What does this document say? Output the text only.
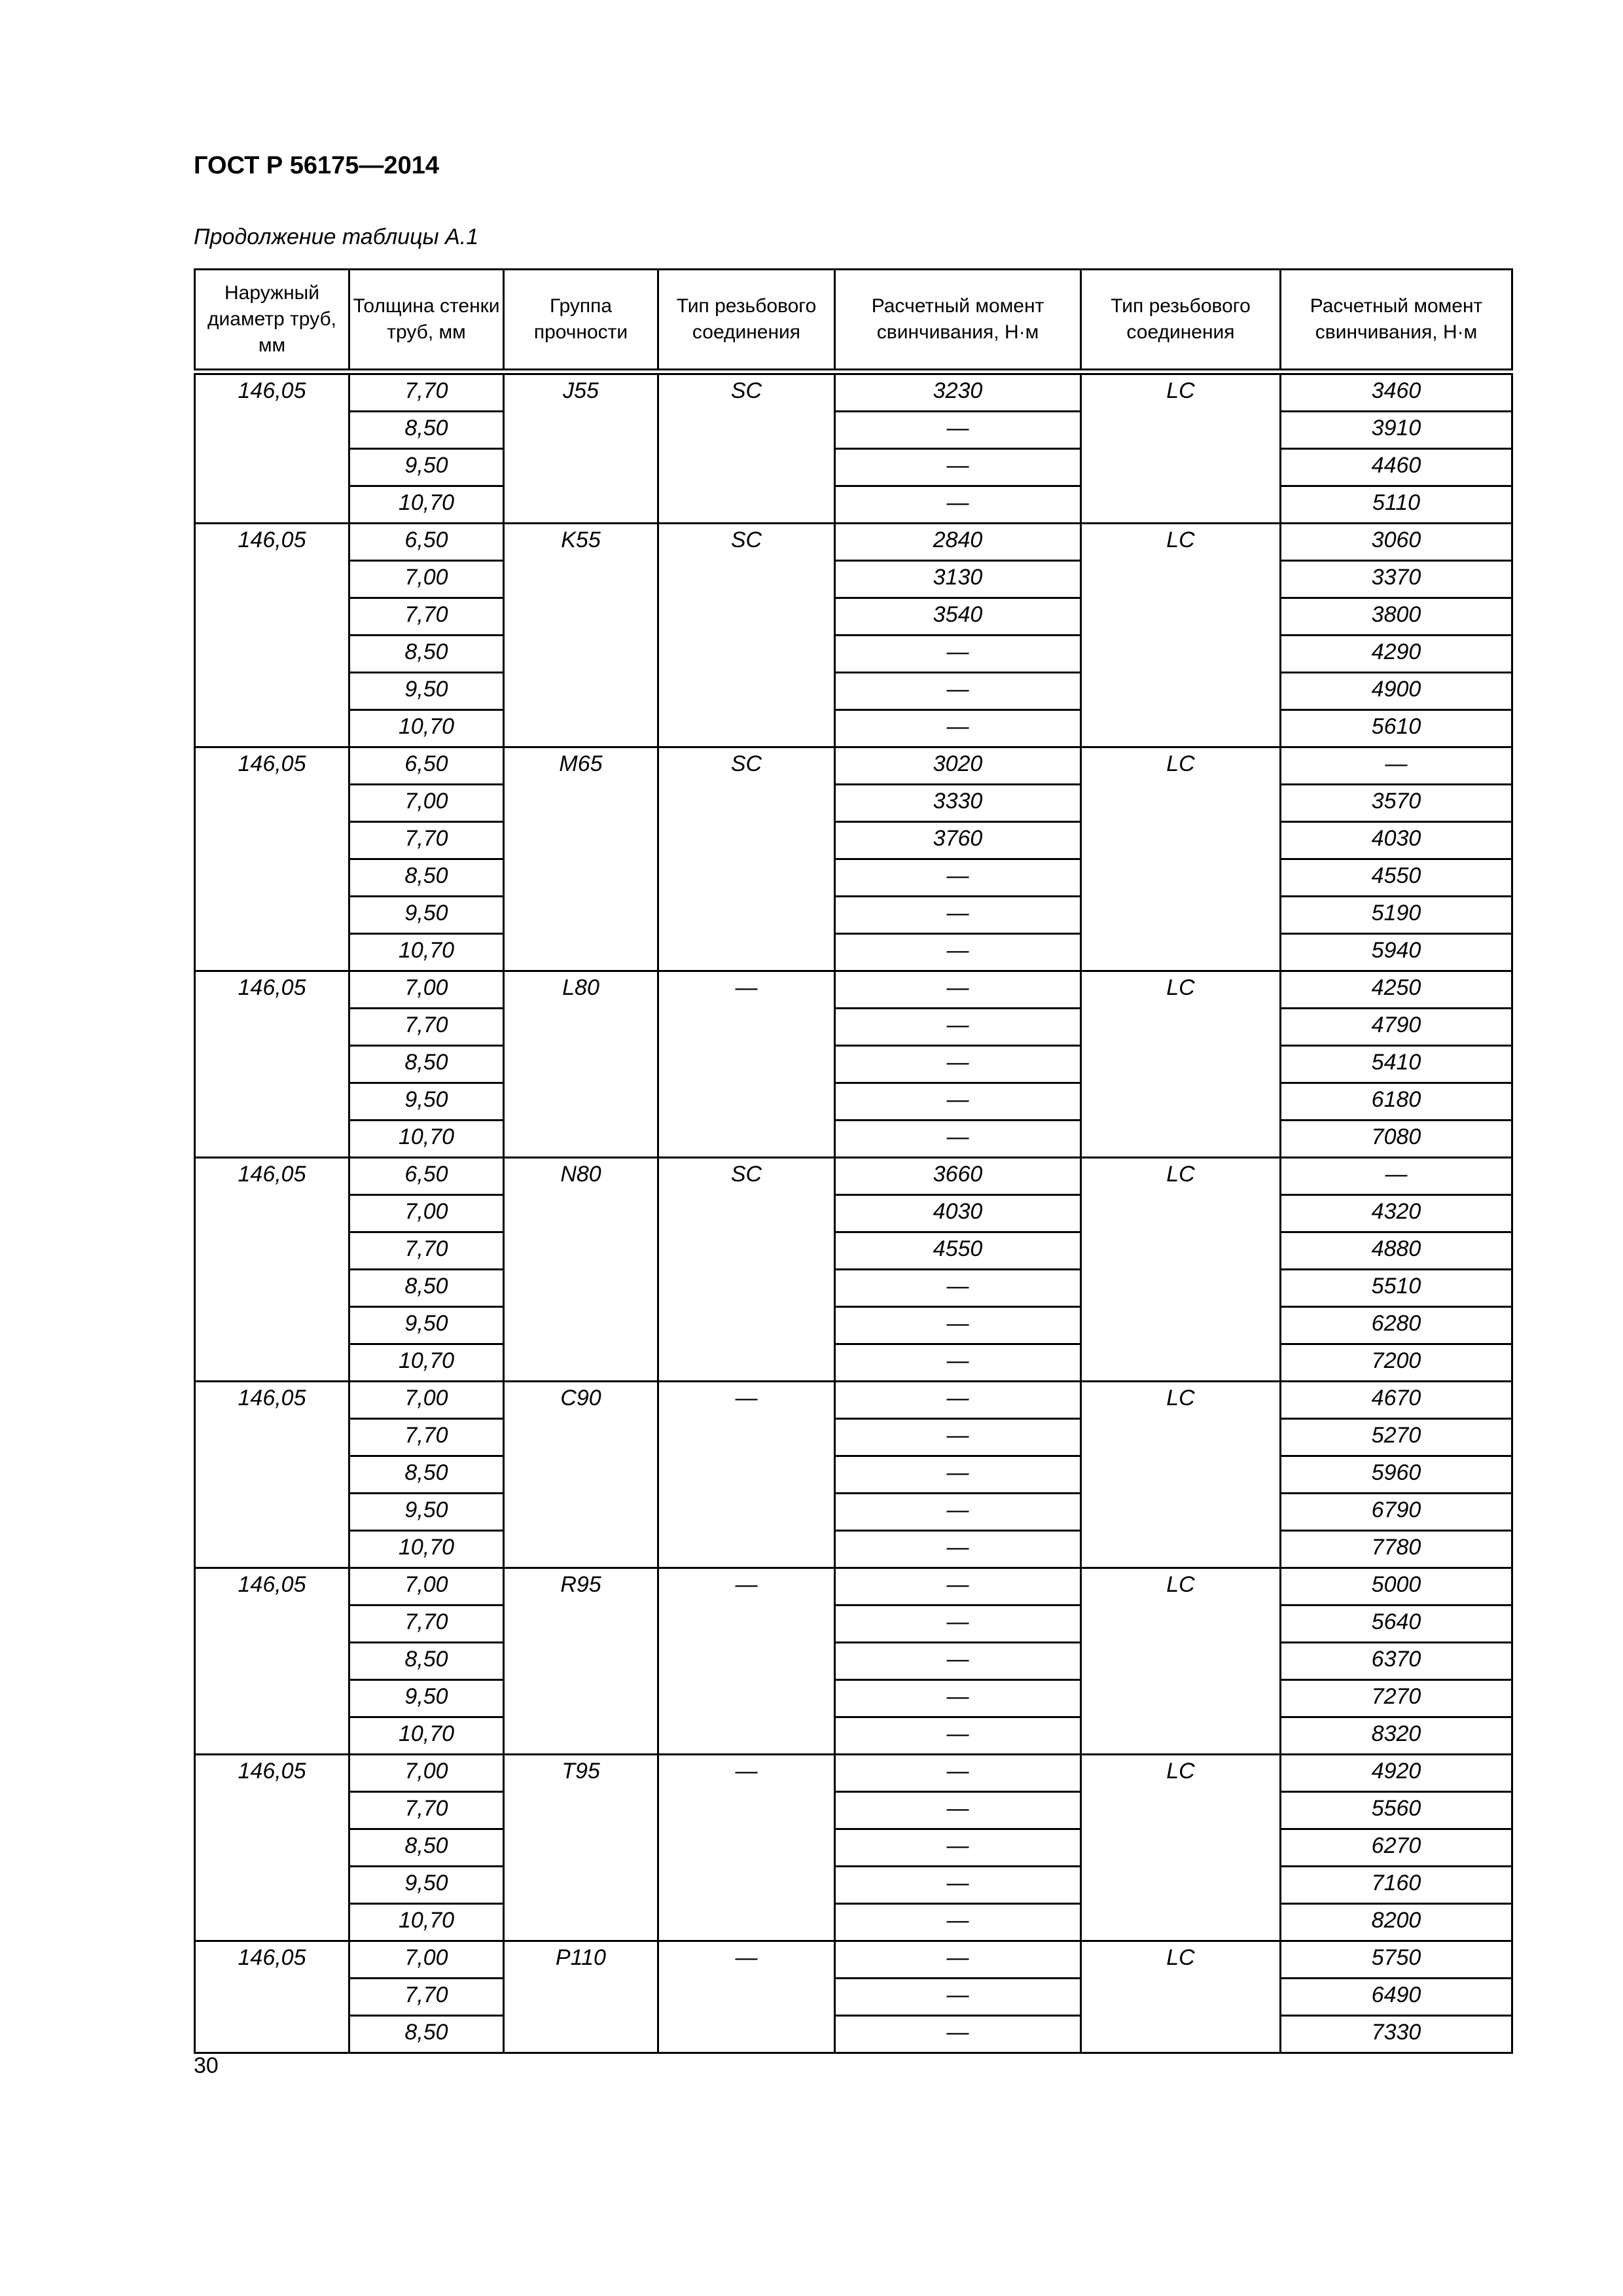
ГОСТ Р 56175—2014
Продолжение таблицы А.1
Наружный диаметр труб, мм	Толщина стенки труб, мм	Группа прочности	Тип резьбового соединения	Расчетный момент свинчивания, Н·м	Тип резьбового соединения	Расчетный момент свинчивания, Н·м
146,05	7,70	Ј55	SC	3230	LC	3460
	8,50			—		3910
	9,50			—		4460
	10,70			—		5110
146,05	6,50	K55	SC	2840	LC	3060
	7,00			3130		3370
	7,70			3540		3800
	8,50			—		4290
	9,50			—		4900
	10,70			—		5610
146,05	6,50	M65	SC	3020	LC	—
	7,00			3330		3570
	7,70			3760		4030
	8,50			—		4550
	9,50			—		5190
	10,70			—		5940
146,05	7,00	L80	—	—	LC	4250
	7,70			—		4790
	8,50			—		5410
	9,50			—		6180
	10,70			—		7080
146,05	6,50	N80	SC	3660	LC	—
	7,00			4030		4320
	7,70			4550		4880
	8,50			—		5510
	9,50			—		6280
	10,70			—		7200
146,05	7,00	C90	—	—	LC	4670
	7,70			—		5270
	8,50			—		5960
	9,50			—		6790
	10,70			—		7780
146,05	7,00	R95	—	—	LC	5000
	7,70			—		5640
	8,50			—		6370
	9,50			—		7270
	10,70			—		8320
146,05	7,00	T95	—	—	LC	4920
	7,70			—		5560
	8,50			—		6270
	9,50			—		7160
	10,70			—		8200
146,05	7,00	P110	—	—	LC	5750
	7,70			—		6490
	8,50			—		7330
30
